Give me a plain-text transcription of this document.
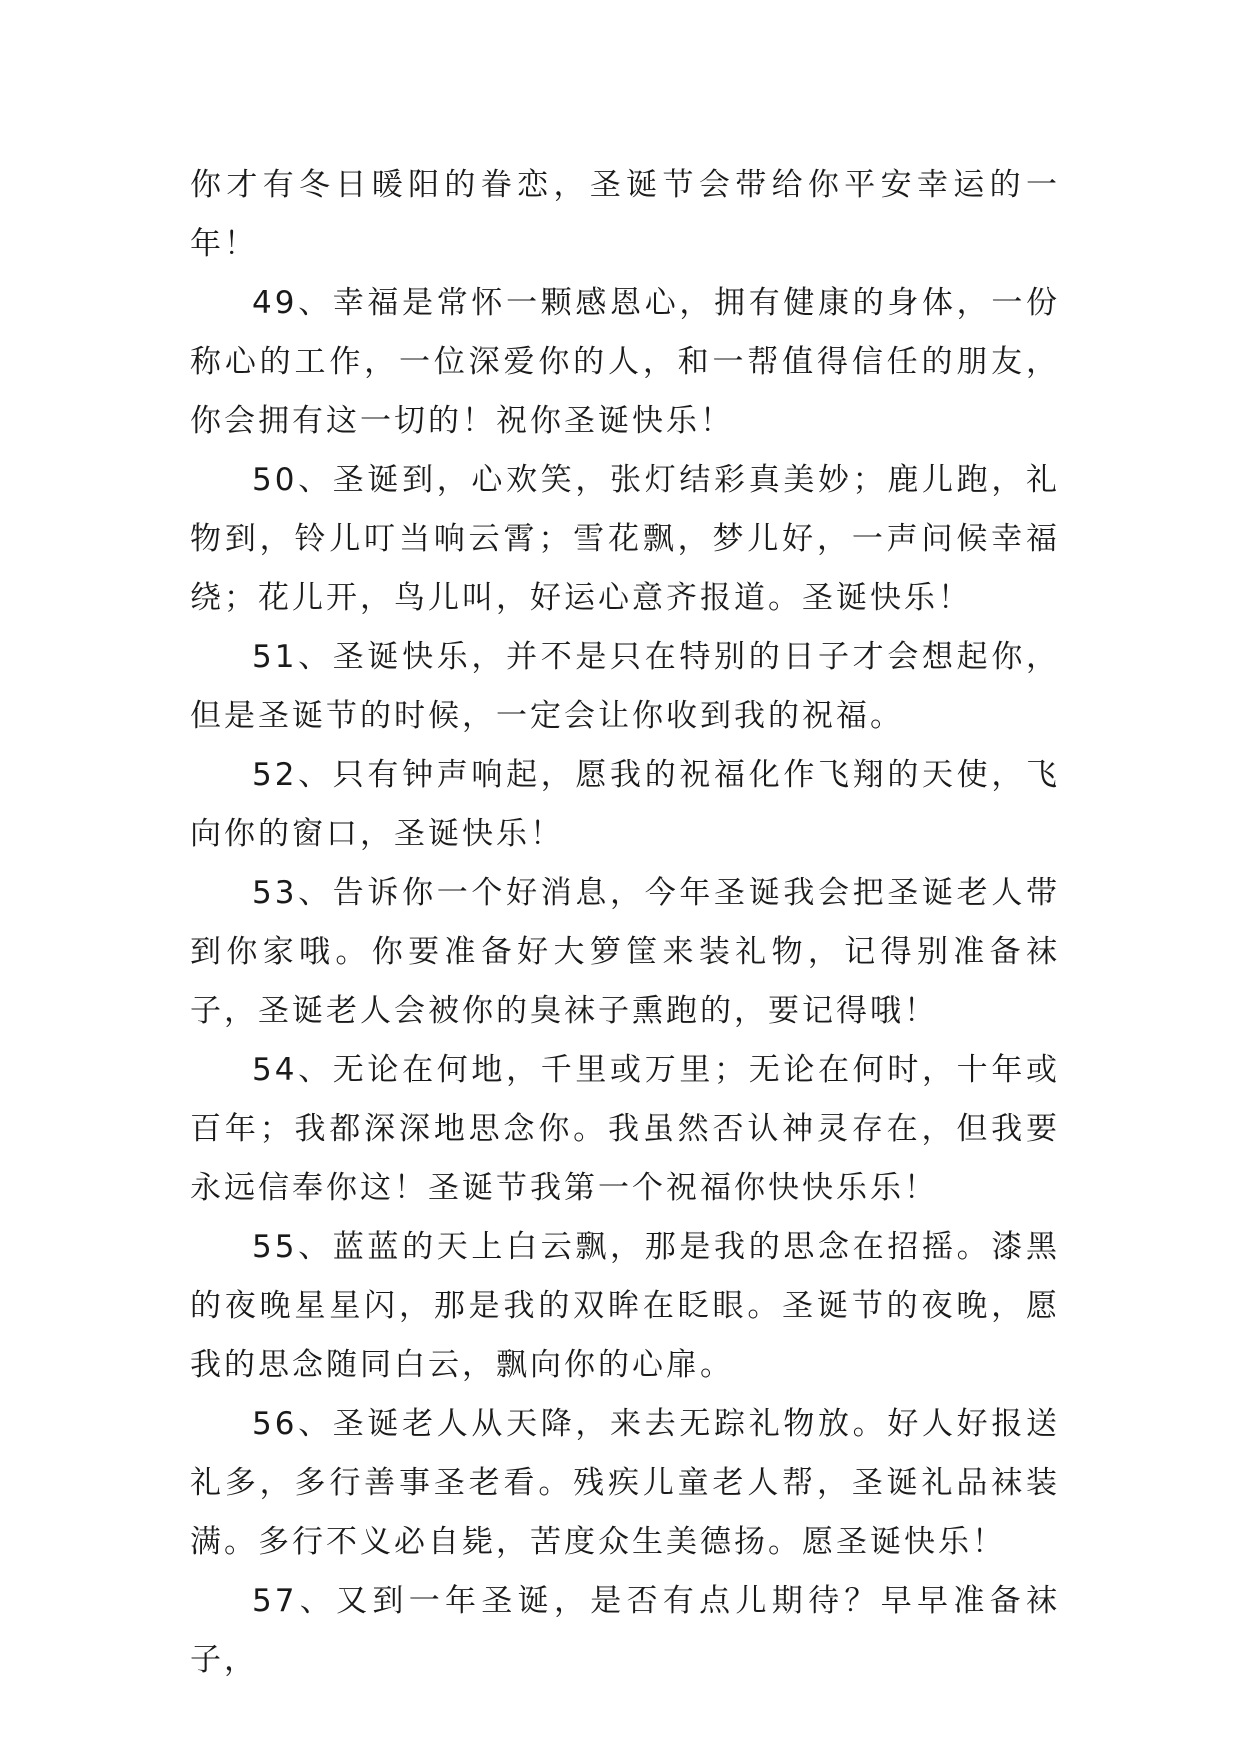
你才有冬日暖阳的眷恋，圣诞节会带给你平安幸运的一年！

49、幸福是常怀一颗感恩心，拥有健康的身体，一份称心的工作，一位深爱你的人，和一帮值得信任的朋友，你会拥有这一切的！祝你圣诞快乐！

50、圣诞到，心欢笑，张灯结彩真美妙；鹿儿跑，礼物到，铃儿叮当响云霄；雪花飘，梦儿好，一声问候幸福绕；花儿开，鸟儿叫，好运心意齐报道。圣诞快乐！

51、圣诞快乐，并不是只在特别的日子才会想起你，但是圣诞节的时候，一定会让你收到我的祝福。

52、只有钟声响起，愿我的祝福化作飞翔的天使，飞向你的窗口，圣诞快乐！

53、告诉你一个好消息，今年圣诞我会把圣诞老人带到你家哦。你要准备好大箩筐来装礼物，记得别准备袜子，圣诞老人会被你的臭袜子熏跑的，要记得哦！

54、无论在何地，千里或万里；无论在何时，十年或百年；我都深深地思念你。我虽然否认神灵存在，但我要永远信奉你这！圣诞节我第一个祝福你快快乐乐！

55、蓝蓝的天上白云飘，那是我的思念在招摇。漆黑的夜晚星星闪，那是我的双眸在眨眼。圣诞节的夜晚，愿我的思念随同白云，飘向你的心扉。

56、圣诞老人从天降，来去无踪礼物放。好人好报送礼多，多行善事圣老看。残疾儿童老人帮，圣诞礼品袜装满。多行不义必自毙，苦度众生美德扬。愿圣诞快乐！

57、又到一年圣诞，是否有点儿期待？早早准备袜子，
